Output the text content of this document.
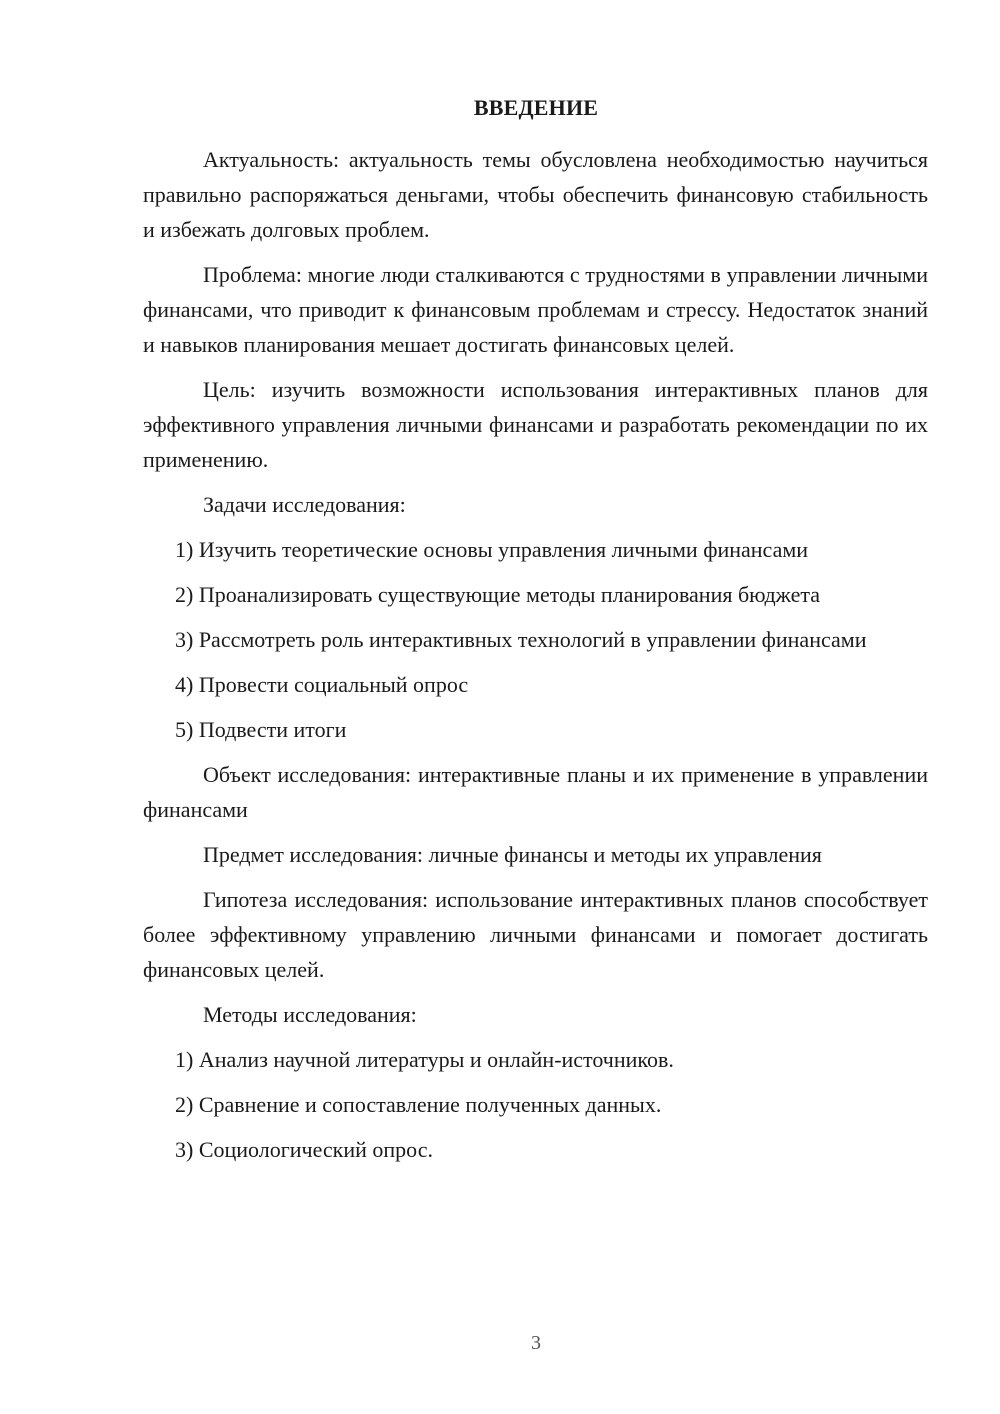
ВВЕДЕНИЕ

Актуальность: актуальность темы обусловлена необходимостью научиться правильно распоряжаться деньгами, чтобы обеспечить финансовую стабильность и избежать долговых проблем.

Проблема: многие люди сталкиваются с трудностями в управлении личными финансами, что приводит к финансовым проблемам и стрессу. Недостаток знаний и навыков планирования мешает достигать финансовых целей.

Цель: изучить возможности использования интерактивных планов для эффективного управления личными финансами и разработать рекомендации по их применению.

Задачи исследования:

1) Изучить теоретические основы управления личными финансами

2) Проанализировать существующие методы планирования бюджета

3) Рассмотреть роль интерактивных технологий в управлении финансами

4) Провести социальный опрос

5) Подвести итоги

Объект исследования: интерактивные планы и их применение в управлении финансами

Предмет исследования: личные финансы и методы их управления

Гипотеза исследования: использование интерактивных планов способствует более эффективному управлению личными финансами и помогает достигать финансовых целей.

Методы исследования:

1) Анализ научной литературы и онлайн-источников.

2) Сравнение и сопоставление полученных данных.

3) Социологический опрос.

3
